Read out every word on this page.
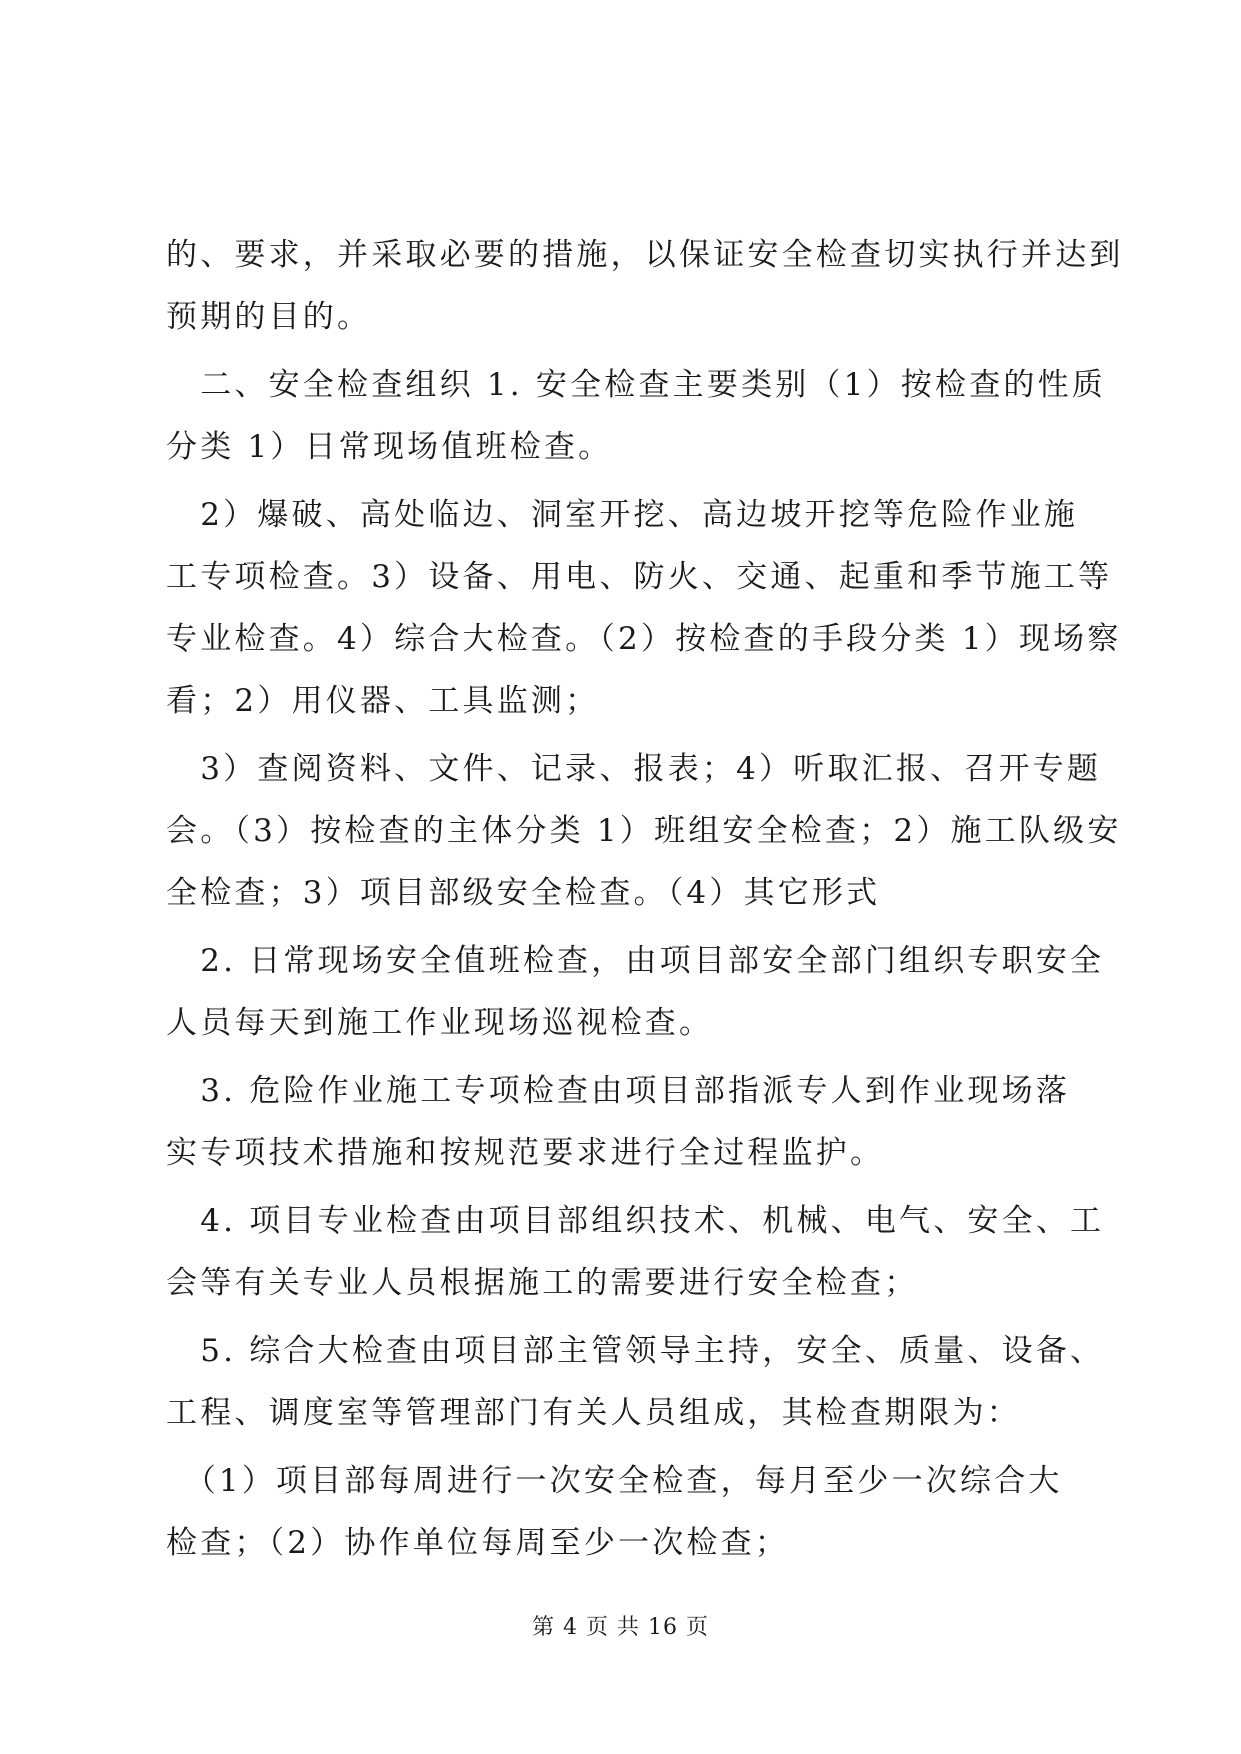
的、要求，并采取必要的措施，以保证安全检查切实执行并达到
预期的目的。
　二、安全检查组织 1. 安全检查主要类别（1）按检查的性质
分类 1）日常现场值班检查。
　2）爆破、高处临边、洞室开挖、高边坡开挖等危险作业施
工专项检查。3）设备、用电、防火、交通、起重和季节施工等
专业检查。4）综合大检查。（2）按检查的手段分类 1）现场察
看；2）用仪器、工具监测；
　3）查阅资料、文件、记录、报表；4）听取汇报、召开专题
会。（3）按检查的主体分类 1）班组安全检查；2）施工队级安
全检查；3）项目部级安全检查。（4）其它形式
　2. 日常现场安全值班检查，由项目部安全部门组织专职安全
人员每天到施工作业现场巡视检查。
　3. 危险作业施工专项检查由项目部指派专人到作业现场落
实专项技术措施和按规范要求进行全过程监护。
　4. 项目专业检查由项目部组织技术、机械、电气、安全、工
会等有关专业人员根据施工的需要进行安全检查；
　5. 综合大检查由项目部主管领导主持，安全、质量、设备、
工程、调度室等管理部门有关人员组成，其检查期限为：
　（1）项目部每周进行一次安全检查，每月至少一次综合大
检查；（2）协作单位每周至少一次检查；
第 4 页 共 16 页
